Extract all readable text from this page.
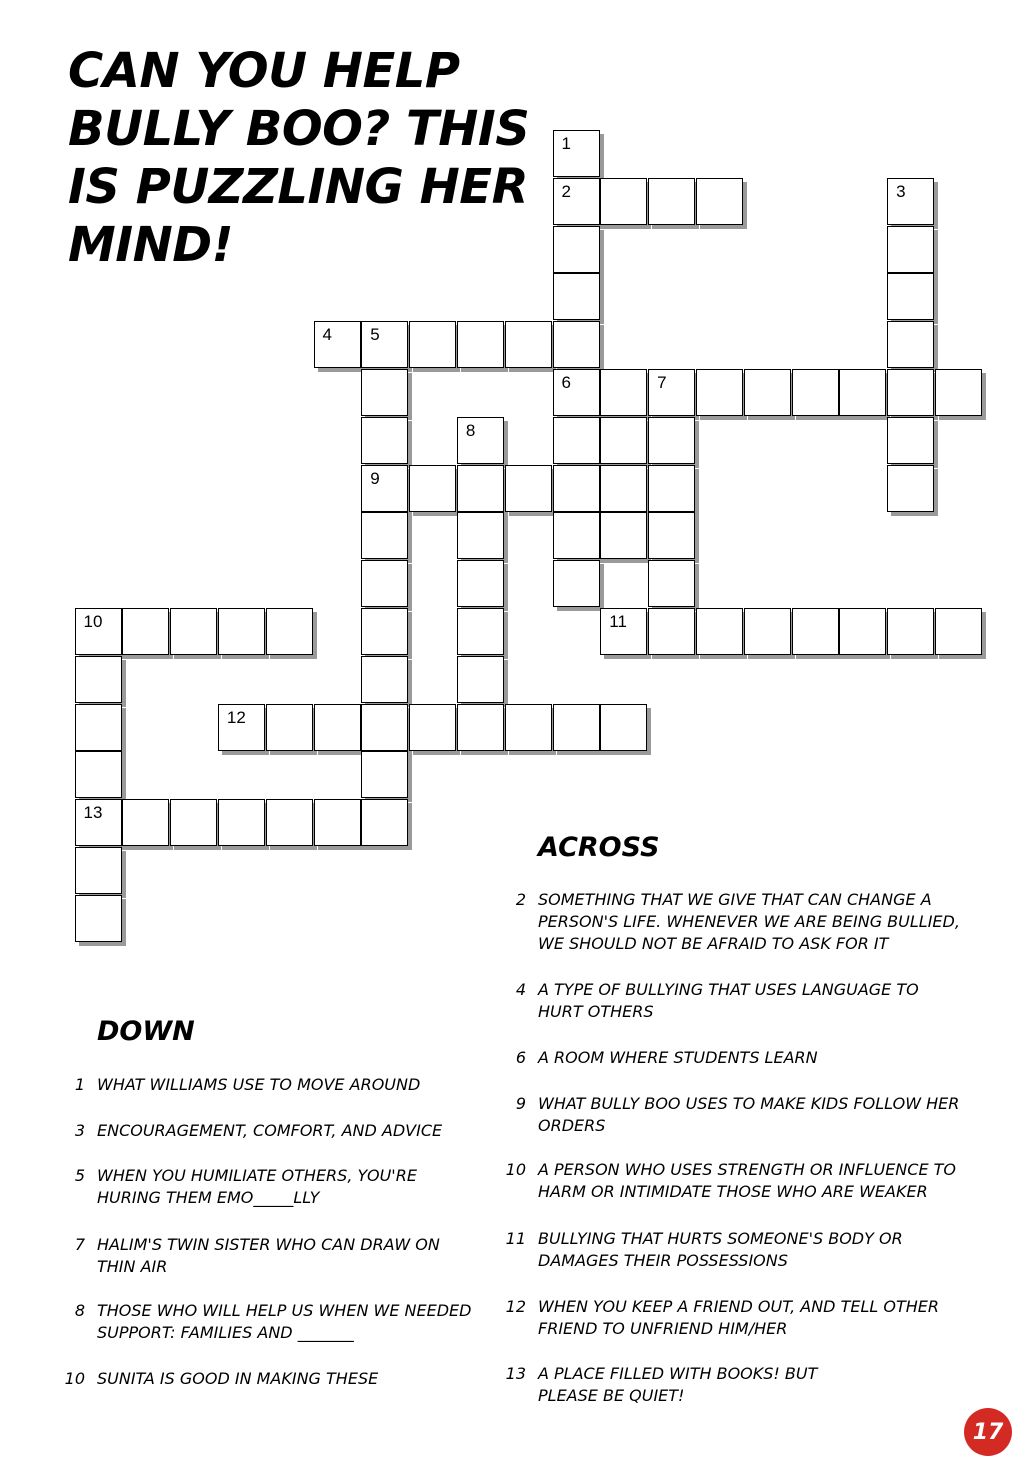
CAN YOU HELP BULLY BOO? THIS IS PUZZLING HER MIND!
1
2	3
4 5
6	7
8
9
10	11
12
13
ACROSS
DOWN
2 SOMETHING THAT WE GIVE THAT CAN CHANGE A PERSON'S LIFE. WHENEVER WE ARE BEING BULLIED, WE SHOULD NOT BE AFRAID TO ASK FOR IT
4 A TYPE OF BULLYING THAT USES LANGUAGE TO HURT OTHERS
6 A ROOM WHERE STUDENTS LEARN
9 WHAT BULLY BOO USES TO MAKE KIDS FOLLOW HER ORDERS
10 A PERSON WHO USES STRENGTH OR INFLUENCE TO HARM OR INTIMIDATE THOSE WHO ARE WEAKER
11 BULLYING THAT HURTS SOMEONE'S BODY OR DAMAGES THEIR POSSESSIONS
12 WHEN YOU KEEP A FRIEND OUT, AND TELL OTHER FRIEND TO UNFRIEND HIM/HER
13 A PLACE FILLED WITH BOOKS! BUT PLEASE BE QUIET!
1 WHAT WILLIAMS USE TO MOVE AROUND
3 ENCOURAGEMENT, COMFORT, AND ADVICE
5 WHEN YOU HUMILIATE OTHERS, YOU'RE HURING THEM EMO_____LLY
7 HALIM'S TWIN SISTER WHO CAN DRAW ON THIN AIR
8 THOSE WHO WILL HELP US WHEN WE NEEDED SUPPORT: FAMILIES AND _______
10 SUNITA IS GOOD IN MAKING THESE
17
